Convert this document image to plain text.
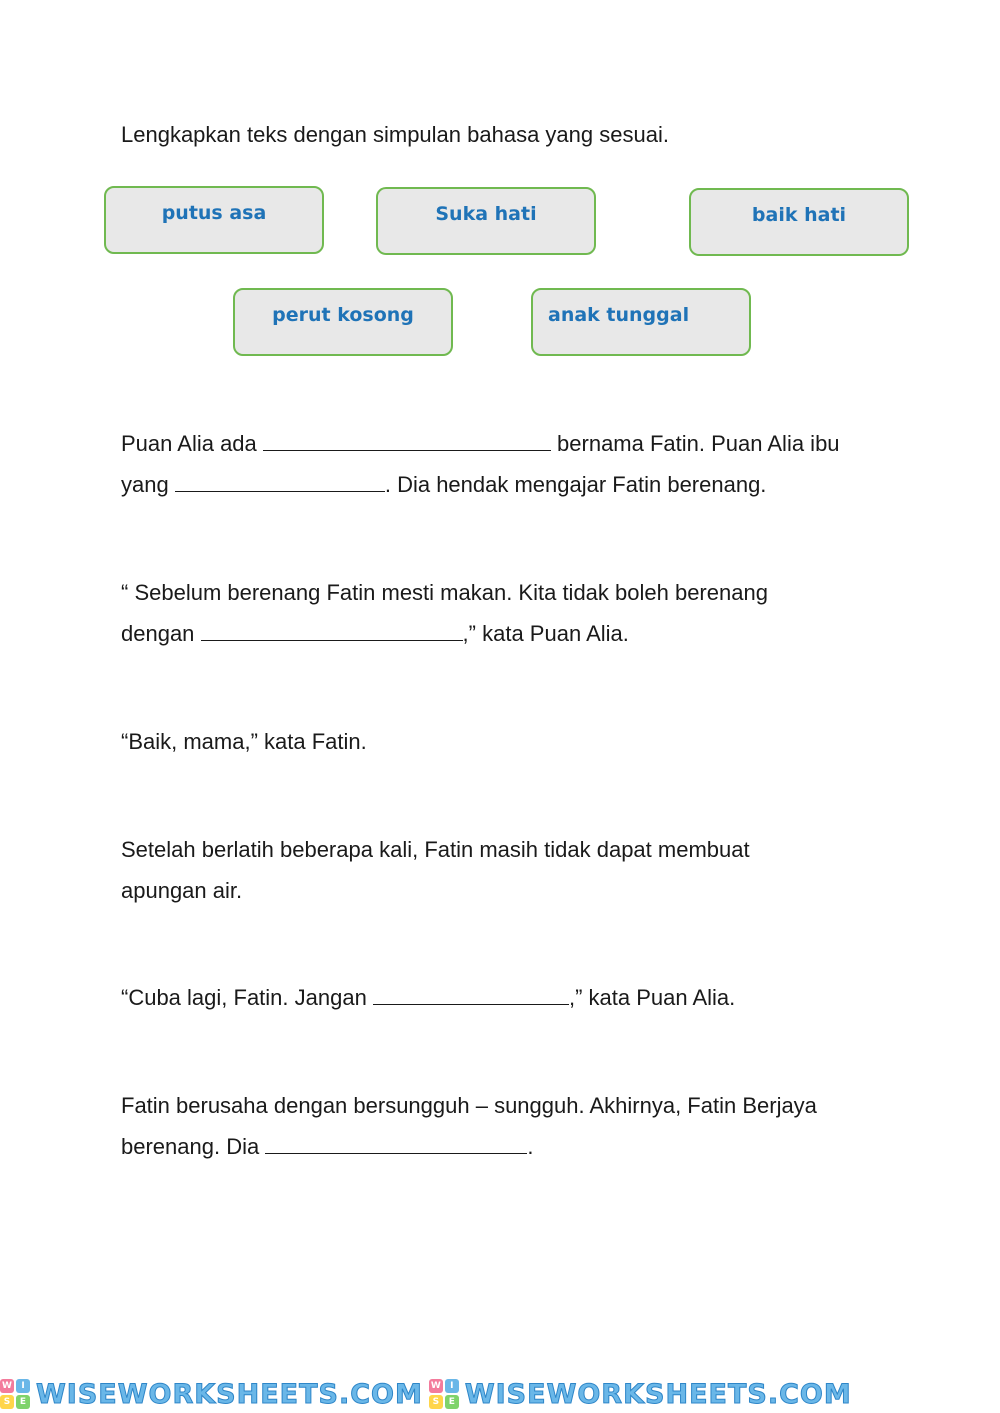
Lengkapkan teks dengan simpulan bahasa yang sesuai.

putus asa	Suka hati	baik hati
perut kosong	anak tunggal

Puan Alia ada	bernama Fatin. Puan Alia ibu
yang	. Dia hendak mengajar Fatin berenang.

“ Sebelum berenang Fatin mesti makan. Kita tidak boleh berenang
dengan	,” kata Puan Alia.

“Baik, mama,” kata Fatin.

Setelah berlatih beberapa kali, Fatin masih tidak dapat membuat apungan air.

“Cuba lagi, Fatin. Jangan	,” kata Puan Alia.

Fatin berusaha dengan bersungguh – sungguh. Akhirnya, Fatin Berjaya
berenang. Dia	.

W	I
S	E WISEWORKSHEETS.COM W	I
S	E WISEWORKSHEETS.COM
